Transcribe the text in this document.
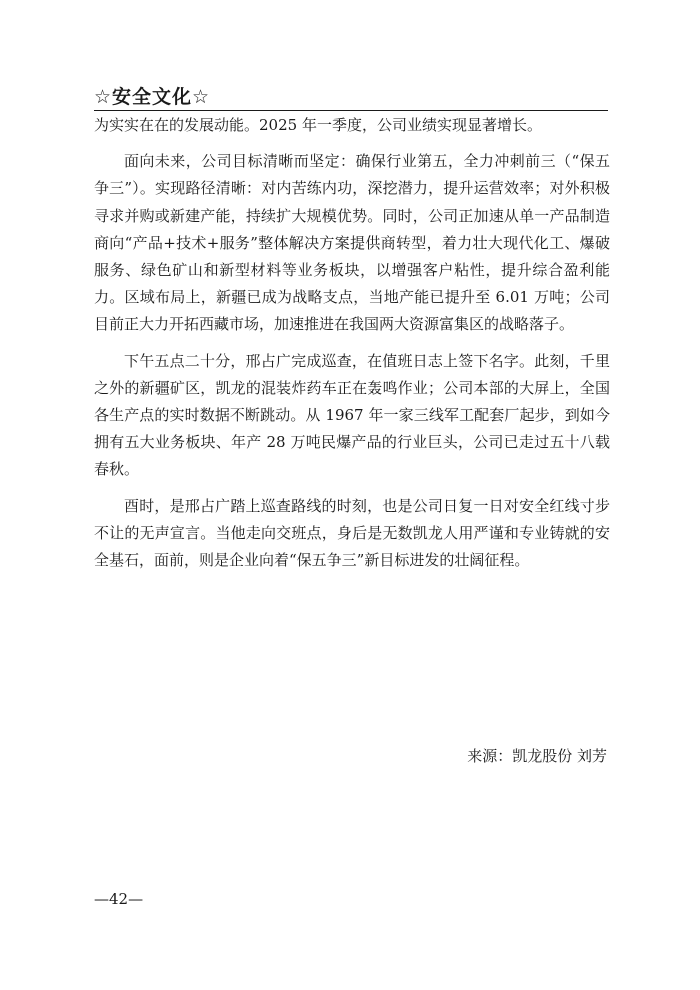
☆安全文化☆

为实实在在的发展动能。2025 年一季度，公司业绩实现显著增长。

面向未来，公司目标清晰而坚定：确保行业第五，全力冲刺前三（“保五争三”）。实现路径清晰：对内苦练内功，深挖潜力，提升运营效率；对外积极寻求并购或新建产能，持续扩大规模优势。同时，公司正加速从单一产品制造商向“产品+技术+服务”整体解决方案提供商转型，着力壮大现代化工、爆破服务、绿色矿山和新型材料等业务板块，以增强客户粘性，提升综合盈利能力。区域布局上，新疆已成为战略支点，当地产能已提升至 6.01 万吨；公司目前正大力开拓西藏市场，加速推进在我国两大资源富集区的战略落子。

下午五点二十分，邢占广完成巡查，在值班日志上签下名字。此刻，千里之外的新疆矿区，凯龙的混装炸药车正在轰鸣作业；公司本部的大屏上，全国各生产点的实时数据不断跳动。从 1967 年一家三线军工配套厂起步，到如今拥有五大业务板块、年产 28 万吨民爆产品的行业巨头，公司已走过五十八载春秋。

酉时，是邢占广踏上巡查路线的时刻，也是公司日复一日对安全红线寸步不让的无声宣言。当他走向交班点，身后是无数凯龙人用严谨和专业铸就的安全基石，面前，则是企业向着“保五争三”新目标进发的壮阔征程。

来源：凯龙股份 刘芳
—42—
